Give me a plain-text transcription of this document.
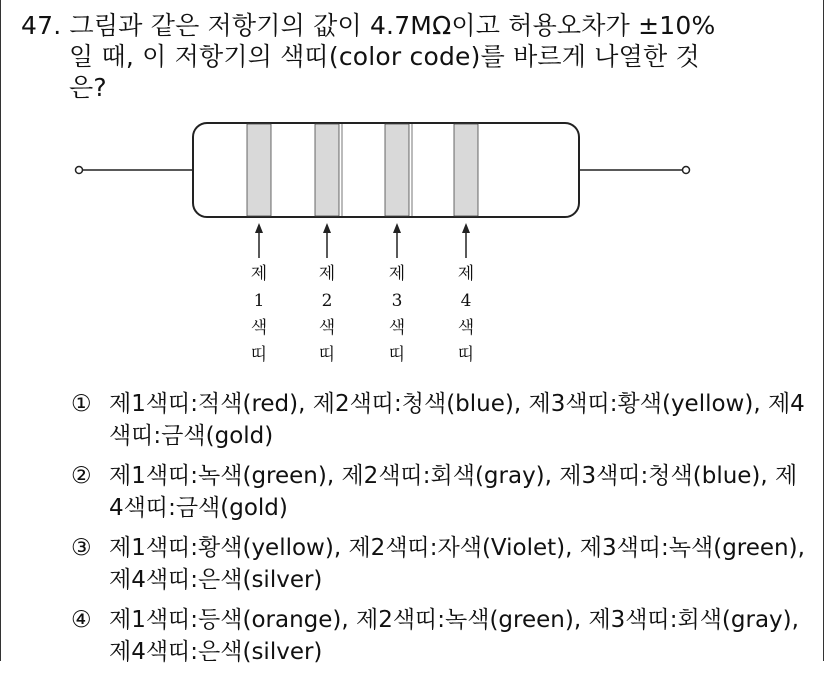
47. 그림과 같은 저항기의 값이 4.7MΩ이고 허용오차가 ±10%
일 때, 이 저항기의 색띠(color code)를 바르게 나열한 것
은?
제
1
색
띠
제
2
색
띠
제
3
색
띠
제
4
색
띠
① 제1색띠:적색(red), 제2색띠:청색(blue), 제3색띠:황색(yellow), 제4색띠:금색(gold)
② 제1색띠:녹색(green), 제2색띠:회색(gray), 제3색띠:청색(blue), 제4색띠:금색(gold)
③ 제1색띠:황색(yellow), 제2색띠:자색(Violet), 제3색띠:녹색(green), 제4색띠:은색(silver)
④ 제1색띠:등색(orange), 제2색띠:녹색(green), 제3색띠:회색(gray), 제4색띠:은색(silver)
